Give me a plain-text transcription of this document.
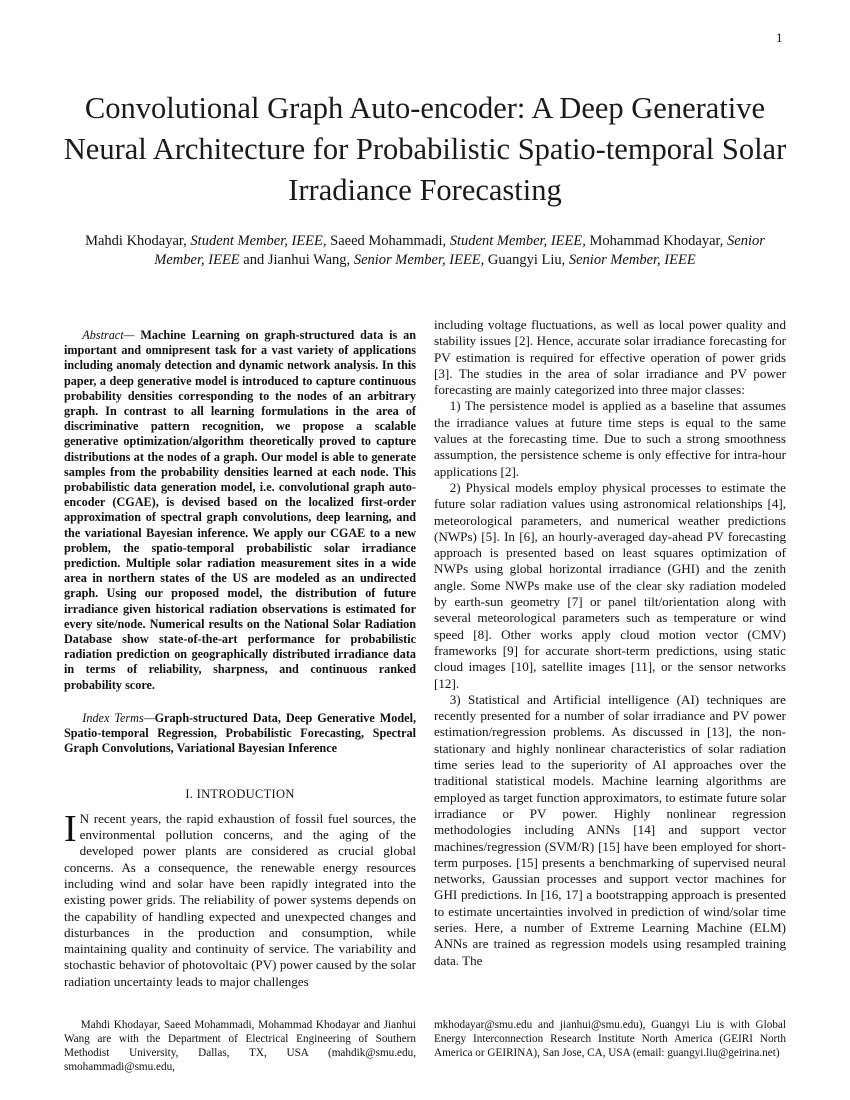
1
Convolutional Graph Auto-encoder: A Deep Generative Neural Architecture for Probabilistic Spatio-temporal Solar Irradiance Forecasting
Mahdi Khodayar, Student Member, IEEE, Saeed Mohammadi, Student Member, IEEE, Mohammad Khodayar, Senior Member, IEEE and Jianhui Wang, Senior Member, IEEE, Guangyi Liu, Senior Member, IEEE

Abstract— Machine Learning on graph-structured data is an important and omnipresent task for a vast variety of applications including anomaly detection and dynamic network analysis. In this paper, a deep generative model is introduced to capture continuous probability densities corresponding to the nodes of an arbitrary graph. In contrast to all learning formulations in the area of discriminative pattern recognition, we propose a scalable generative optimization/algorithm theoretically proved to capture distributions at the nodes of a graph. Our model is able to generate samples from the probability densities learned at each node. This probabilistic data generation model, i.e. convolutional graph auto-encoder (CGAE), is devised based on the localized first-order approximation of spectral graph convolutions, deep learning, and the variational Bayesian inference. We apply our CGAE to a new problem, the spatio-temporal probabilistic solar irradiance prediction. Multiple solar radiation measurement sites in a wide area in northern states of the US are modeled as an undirected graph. Using our proposed model, the distribution of future irradiance given historical radiation observations is estimated for every site/node. Numerical results on the National Solar Radiation Database show state-of-the-art performance for probabilistic radiation prediction on geographically distributed irradiance data in terms of reliability, sharpness, and continuous ranked probability score.

Index Terms—Graph-structured Data, Deep Generative Model, Spatio-temporal Regression, Probabilistic Forecasting, Spectral Graph Convolutions, Variational Bayesian Inference

I. INTRODUCTION

I N recent years, the rapid exhaustion of fossil fuel sources, the environmental pollution concerns, and the aging of the developed power plants are considered as crucial global concerns. As a consequence, the renewable energy resources including wind and solar have been rapidly integrated into the existing power grids. The reliability of power systems depends on the capability of handling expected and unexpected changes and disturbances in the production and consumption, while maintaining quality and continuity of service. The variability and stochastic behavior of photovoltaic (PV) power caused by the solar radiation uncertainty leads to major challenges

including voltage fluctuations, as well as local power quality and stability issues [2]. Hence, accurate solar irradiance forecasting for PV estimation is required for effective operation of power grids [3]. The studies in the area of solar irradiance and PV power forecasting are mainly categorized into three major classes:

1) The persistence model is applied as a baseline that assumes the irradiance values at future time steps is equal to the same values at the forecasting time. Due to such a strong smoothness assumption, the persistence scheme is only effective for intra-hour applications [2].

2) Physical models employ physical processes to estimate the future solar radiation values using astronomical relationships [4], meteorological parameters, and numerical weather predictions (NWPs) [5]. In [6], an hourly-averaged day-ahead PV forecasting approach is presented based on least squares optimization of NWPs using global horizontal irradiance (GHI) and the zenith angle. Some NWPs make use of the clear sky radiation modeled by earth-sun geometry [7] or panel tilt/orientation along with several meteorological parameters such as temperature or wind speed [8]. Other works apply cloud motion vector (CMV) frameworks [9] for accurate short-term predictions, using static cloud images [10], satellite images [11], or the sensor networks [12].

3) Statistical and Artificial intelligence (AI) techniques are recently presented for a number of solar irradiance and PV power estimation/regression problems. As discussed in [13], the non-stationary and highly nonlinear characteristics of solar radiation time series lead to the superiority of AI approaches over the traditional statistical models. Machine learning algorithms are employed as target function approximators, to estimate future solar irradiance or PV power. Highly nonlinear regression methodologies including ANNs [14] and support vector machines/regression (SVM/R) [15] have been employed for short-term purposes. [15] presents a benchmarking of supervised neural networks, Gaussian processes and support vector machines for GHI predictions. In [16, 17] a bootstrapping approach is presented to estimate uncertainties involved in prediction of wind/solar time series. Here, a number of Extreme Learning Machine (ELM) ANNs are trained as regression models using resampled training data. The

Mahdi Khodayar, Saeed Mohammadi, Mohammad Khodayar and Jianhui Wang are with the Department of Electrical Engineering of Southern Methodist University, Dallas, TX, USA (mahdik@smu.edu, smohammadi@smu.edu,
mkhodayar@smu.edu and jianhui@smu.edu), Guangyi Liu is with Global Energy Interconnection Research Institute North America (GEIRI North America or GEIRINA), San Jose, CA, USA (email: guangyi.liu@geirina.net)
